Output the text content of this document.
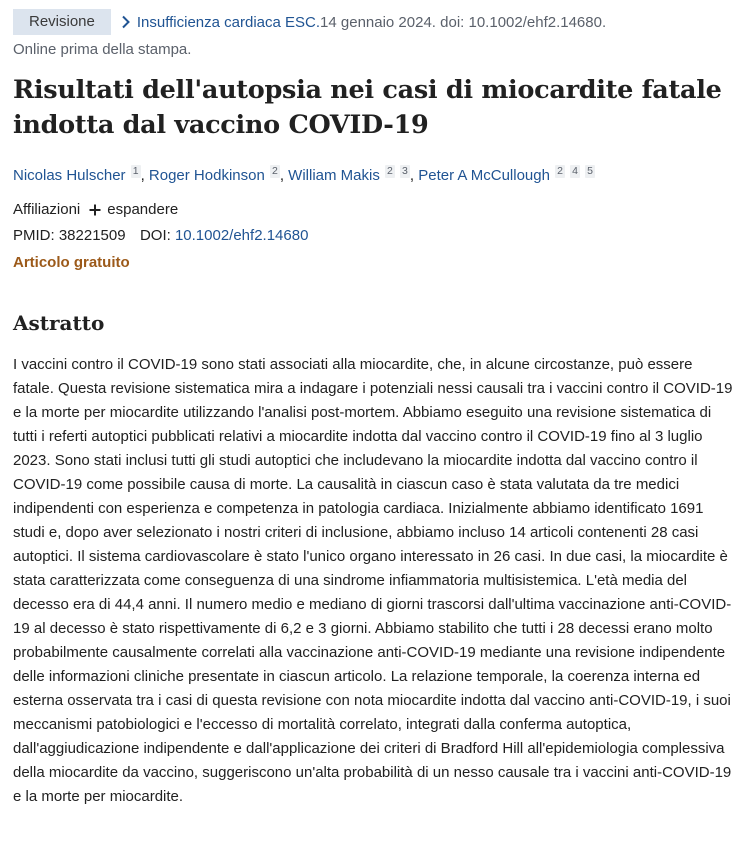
Revisione	Insufficienza cardiaca ESC. 14 gennaio 2024. doi: 10.1002/ehf2.14680.
Online prima della stampa.
Risultati dell'autopsia nei casi di miocardite fatale indotta dal vaccino COVID-19
Nicolas Hulscher 1 , Roger Hodkinson 2 , William Makis 2 3 , Peter A McCullough 2 4 5
Affiliazioni espandere
PMID: 38221509 DOI: 10.1002/ehf2.14680
Articolo gratuito
Astratto

I vaccini contro il COVID-19 sono stati associati alla miocardite, che, in alcune circostanze, può essere fatale. Questa revisione sistematica mira a indagare i potenziali nessi causali tra i vaccini contro il COVID-19 e la morte per miocardite utilizzando l'analisi post-mortem. Abbiamo eseguito una revisione sistematica di tutti i referti autoptici pubblicati relativi a miocardite indotta dal vaccino contro il COVID-19 fino al 3 luglio 2023. Sono stati inclusi tutti gli studi autoptici che includevano la miocardite indotta dal vaccino contro il COVID-19 come possibile causa di morte. La causalità in ciascun caso è stata valutata da tre medici indipendenti con esperienza e competenza in patologia cardiaca. Inizialmente abbiamo identificato 1691 studi e, dopo aver selezionato i nostri criteri di inclusione, abbiamo incluso 14 articoli contenenti 28 casi autoptici. Il sistema cardiovascolare è stato l'unico organo interessato in 26 casi. In due casi, la miocardite è stata caratterizzata come conseguenza di una sindrome infiammatoria multisistemica. L'età media del decesso era di 44,4 anni. Il numero medio e mediano di giorni trascorsi dall'ultima vaccinazione anti-COVID-19 al decesso è stato rispettivamente di 6,2 e 3 giorni. Abbiamo stabilito che tutti i 28 decessi erano molto probabilmente causalmente correlati alla vaccinazione anti-COVID-19 mediante una revisione indipendente delle informazioni cliniche presentate in ciascun articolo. La relazione temporale, la coerenza interna ed esterna osservata tra i casi di questa revisione con nota miocardite indotta dal vaccino anti-COVID-19, i suoi meccanismi patobiologici e l'eccesso di mortalità correlato, integrati dalla conferma autoptica, dall'aggiudicazione indipendente e dall'applicazione dei criteri di Bradford Hill all'epidemiologia complessiva della miocardite da vaccino, suggeriscono un'alta probabilità di un nesso causale tra i vaccini anti-COVID-19 e la morte per miocardite.
